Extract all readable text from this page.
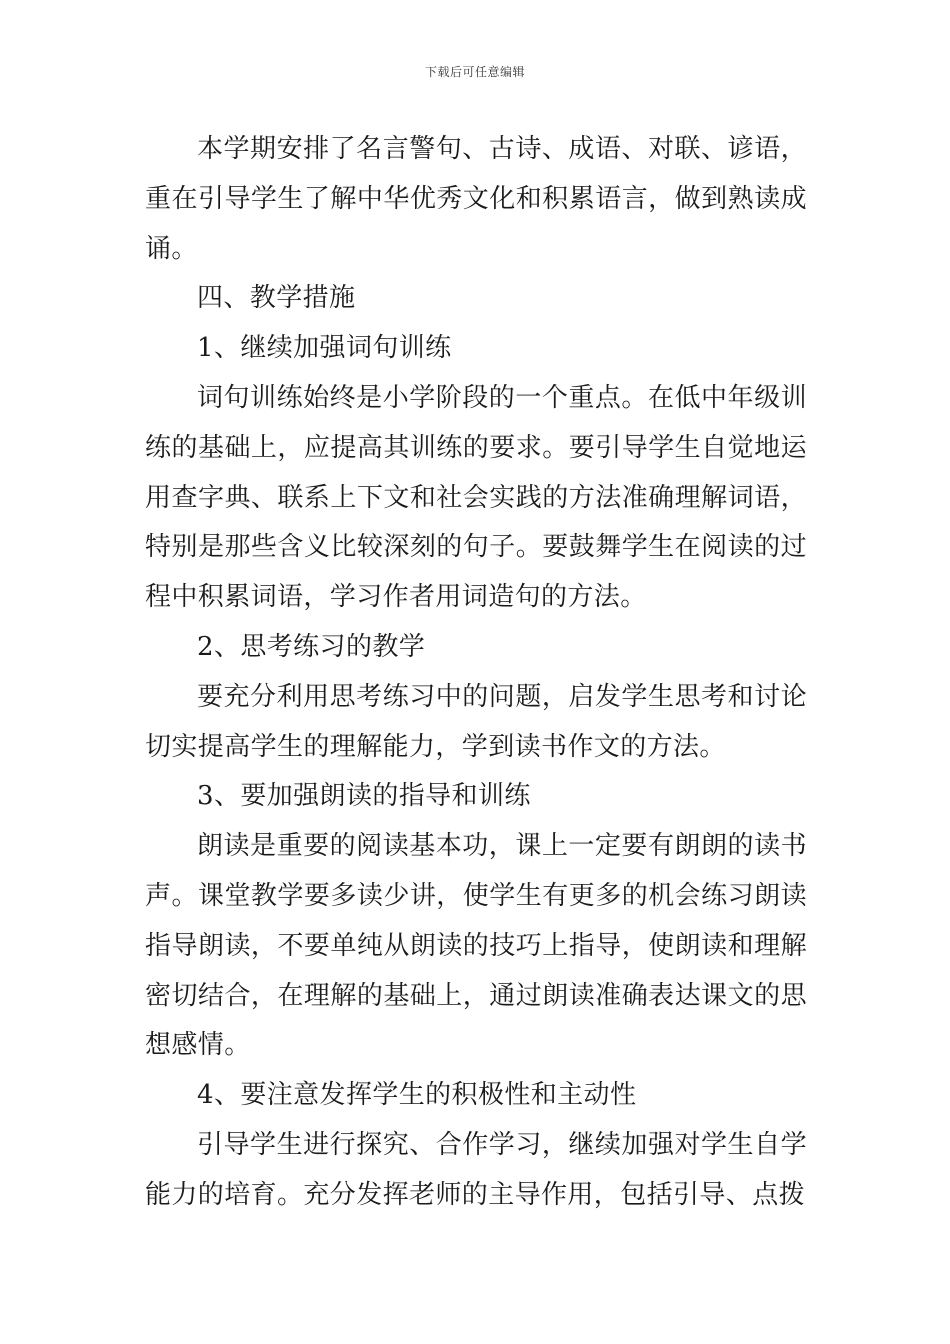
下载后可任意编辑

本学期安排了名言警句、古诗、成语、对联、谚语，重在引导学生了解中华优秀文化和积累语言，做到熟读成诵。

四、教学措施

1、继续加强词句训练

词句训练始终是小学阶段的一个重点。在低中年级训练的基础上，应提高其训练的要求。要引导学生自觉地运用查字典、联系上下文和社会实践的方法准确理解词语，特别是那些含义比较深刻的句子。要鼓舞学生在阅读的过程中积累词语，学习作者用词造句的方法。

2、思考练习的教学

要充分利用思考练习中的问题，启发学生思考和讨论切实提高学生的理解能力，学到读书作文的方法。

3、要加强朗读的指导和训练

朗读是重要的阅读基本功，课上一定要有朗朗的读书声。课堂教学要多读少讲，使学生有更多的机会练习朗读指导朗读，不要单纯从朗读的技巧上指导，使朗读和理解密切结合，在理解的基础上，通过朗读准确表达课文的思想感情。

4、要注意发挥学生的积极性和主动性

引导学生进行探究、合作学习，继续加强对学生自学能力的培育。充分发挥老师的主导作用，包括引导、点拨
